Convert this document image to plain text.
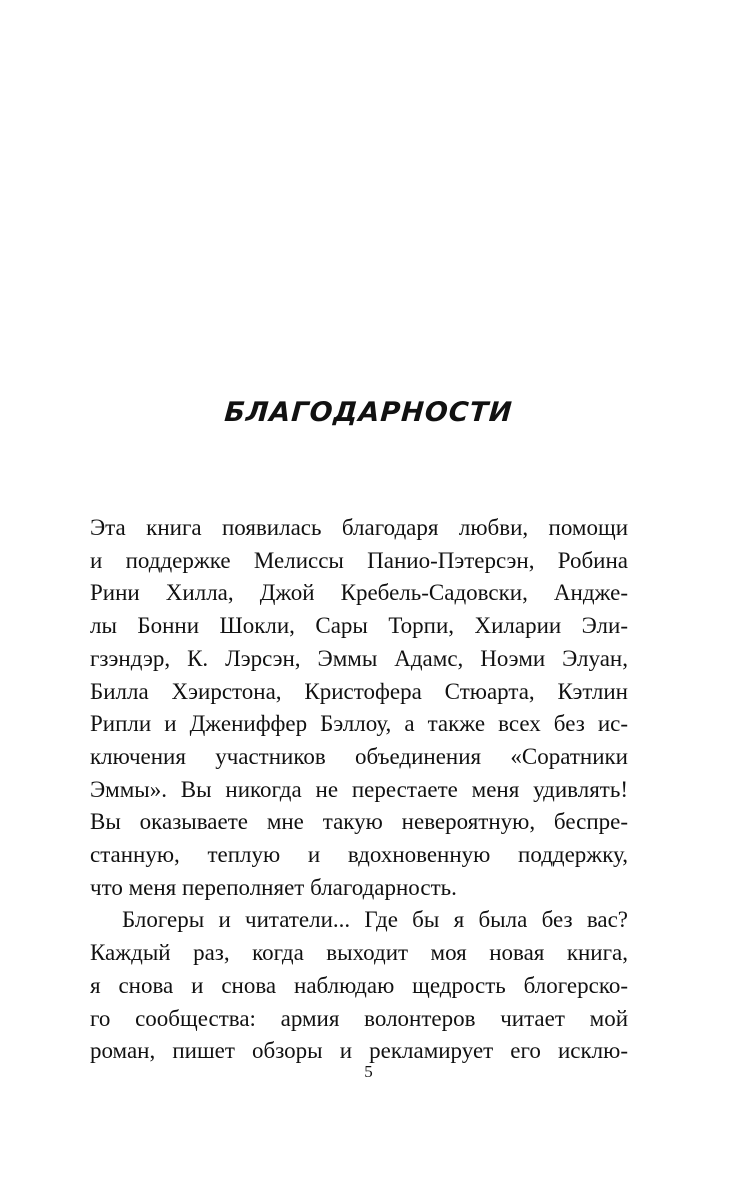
БЛАГОДАРНОСТИ
Эта книга появилась благодаря любви, помощи
и поддержке Мелиссы Панио-Пэтерсэн, Робина
Рини Хилла, Джой Кребель-Садовски, Андже-
лы Бонни Шокли, Сары Торпи, Хиларии Эли-
гзэндэр, К. Лэрсэн, Эммы Адамс, Ноэми Элуан,
Билла Хэирстона, Кристофера Стюарта, Кэтлин
Рипли и Джениффер Бэллоу, а также всех без ис-
ключения участников объединения «Соратники
Эммы». Вы никогда не перестаете меня удивлять!
Вы оказываете мне такую невероятную, беспре-
станную, теплую и вдохновенную поддержку,
что меня переполняет благодарность.
Блогеры и читатели... Где бы я была без вас?
Каждый раз, когда выходит моя новая книга,
я снова и снова наблюдаю щедрость блогерско-
го сообщества: армия волонтеров читает мой
роман, пишет обзоры и рекламирует его исклю-
5
